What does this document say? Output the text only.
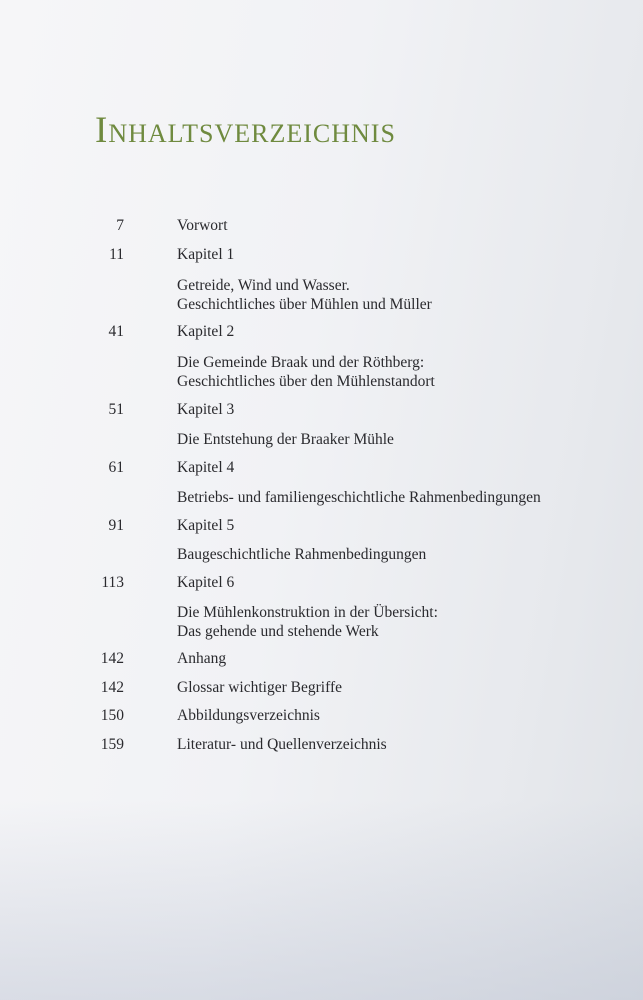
Inhaltsverzeichnis
7	Vorwort
11	Kapitel 1
Getreide, Wind und Wasser.
Geschichtliches über Mühlen und Müller
41	Kapitel 2
Die Gemeinde Braak und der Röthberg:
Geschichtliches über den Mühlenstandort
51	Kapitel 3
Die Entstehung der Braaker Mühle
61	Kapitel 4
Betriebs- und familiengeschichtliche Rahmenbedingungen
91	Kapitel 5
Baugeschichtliche Rahmenbedingungen
113	Kapitel 6
Die Mühlenkonstruktion in der Übersicht:
Das gehende und stehende Werk
142	Anhang
142	Glossar wichtiger Begriffe
150	Abbildungsverzeichnis
159	Literatur- und Quellenverzeichnis
